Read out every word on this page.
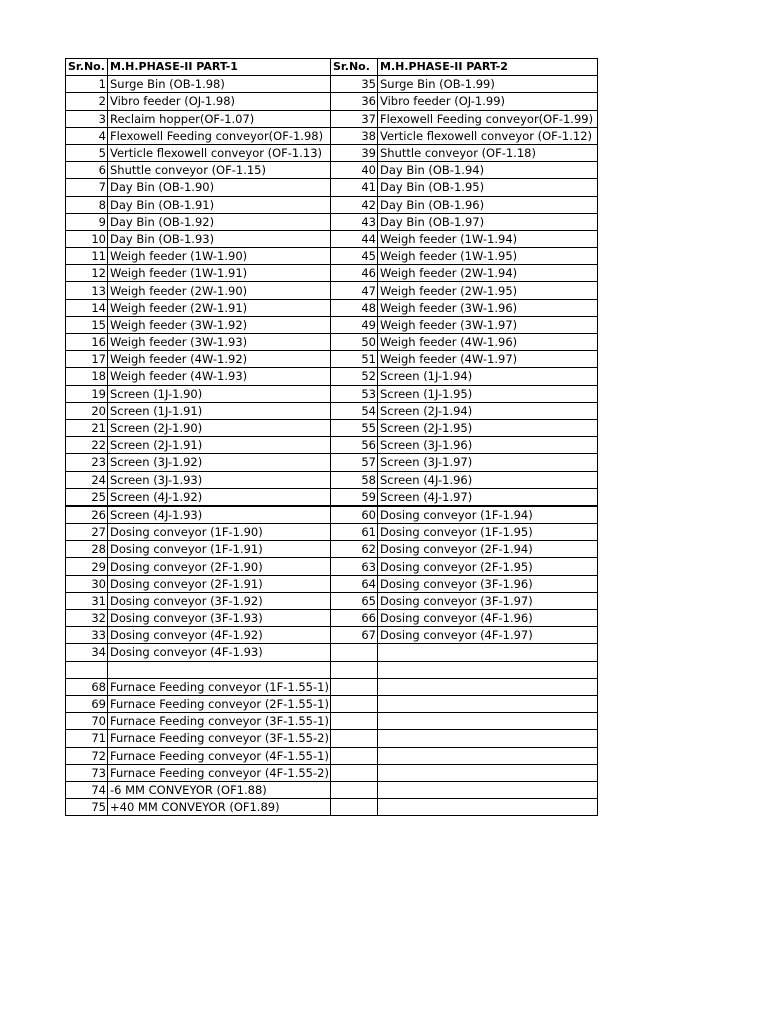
Sr.No.	M.H.PHASE-II PART-1	Sr.No.	M.H.PHASE-II PART-2
1	Surge Bin (OB-1.98)	35	Surge Bin (OB-1.99)
2	Vibro feeder (OJ-1.98)	36	Vibro feeder (OJ-1.99)
3	Reclaim hopper(OF-1.07)	37	Flexowell Feeding conveyor(OF-1.99)
4	Flexowell Feeding conveyor(OF-1.98)	38	Verticle flexowell conveyor (OF-1.12)
5	Verticle flexowell conveyor (OF-1.13)	39	Shuttle conveyor (OF-1.18)
6	Shuttle conveyor (OF-1.15)	40	Day Bin (OB-1.94)
7	Day Bin (OB-1.90)	41	Day Bin (OB-1.95)
8	Day Bin (OB-1.91)	42	Day Bin (OB-1.96)
9	Day Bin (OB-1.92)	43	Day Bin (OB-1.97)
10	Day Bin (OB-1.93)	44	Weigh feeder (1W-1.94)
11	Weigh feeder (1W-1.90)	45	Weigh feeder (1W-1.95)
12	Weigh feeder (1W-1.91)	46	Weigh feeder (2W-1.94)
13	Weigh feeder (2W-1.90)	47	Weigh feeder (2W-1.95)
14	Weigh feeder (2W-1.91)	48	Weigh feeder (3W-1.96)
15	Weigh feeder (3W-1.92)	49	Weigh feeder (3W-1.97)
16	Weigh feeder (3W-1.93)	50	Weigh feeder (4W-1.96)
17	Weigh feeder (4W-1.92)	51	Weigh feeder (4W-1.97)
18	Weigh feeder (4W-1.93)	52	Screen (1J-1.94)
19	Screen (1J-1.90)	53	Screen (1J-1.95)
20	Screen (1J-1.91)	54	Screen (2J-1.94)
21	Screen (2J-1.90)	55	Screen (2J-1.95)
22	Screen (2J-1.91)	56	Screen (3J-1.96)
23	Screen (3J-1.92)	57	Screen (3J-1.97)
24	Screen (3J-1.93)	58	Screen (4J-1.96)
25	Screen (4J-1.92)	59	Screen (4J-1.97)
26	Screen (4J-1.93)	60	Dosing conveyor (1F-1.94)
27	Dosing conveyor (1F-1.90)	61	Dosing conveyor (1F-1.95)
28	Dosing conveyor (1F-1.91)	62	Dosing conveyor (2F-1.94)
29	Dosing conveyor (2F-1.90)	63	Dosing conveyor (2F-1.95)
30	Dosing conveyor (2F-1.91)	64	Dosing conveyor (3F-1.96)
31	Dosing conveyor (3F-1.92)	65	Dosing conveyor (3F-1.97)
32	Dosing conveyor (3F-1.93)	66	Dosing conveyor (4F-1.96)
33	Dosing conveyor (4F-1.92)	67	Dosing conveyor (4F-1.97)
34	Dosing conveyor (4F-1.93)		

68	Furnace Feeding conveyor (1F-1.55-1)		
69	Furnace Feeding conveyor (2F-1.55-1)		
70	Furnace Feeding conveyor (3F-1.55-1)		
71	Furnace Feeding conveyor (3F-1.55-2)		
72	Furnace Feeding conveyor (4F-1.55-1)		
73	Furnace Feeding conveyor (4F-1.55-2)		
74	-6 MM CONVEYOR (OF1.88)		
75	+40 MM CONVEYOR (OF1.89)		
